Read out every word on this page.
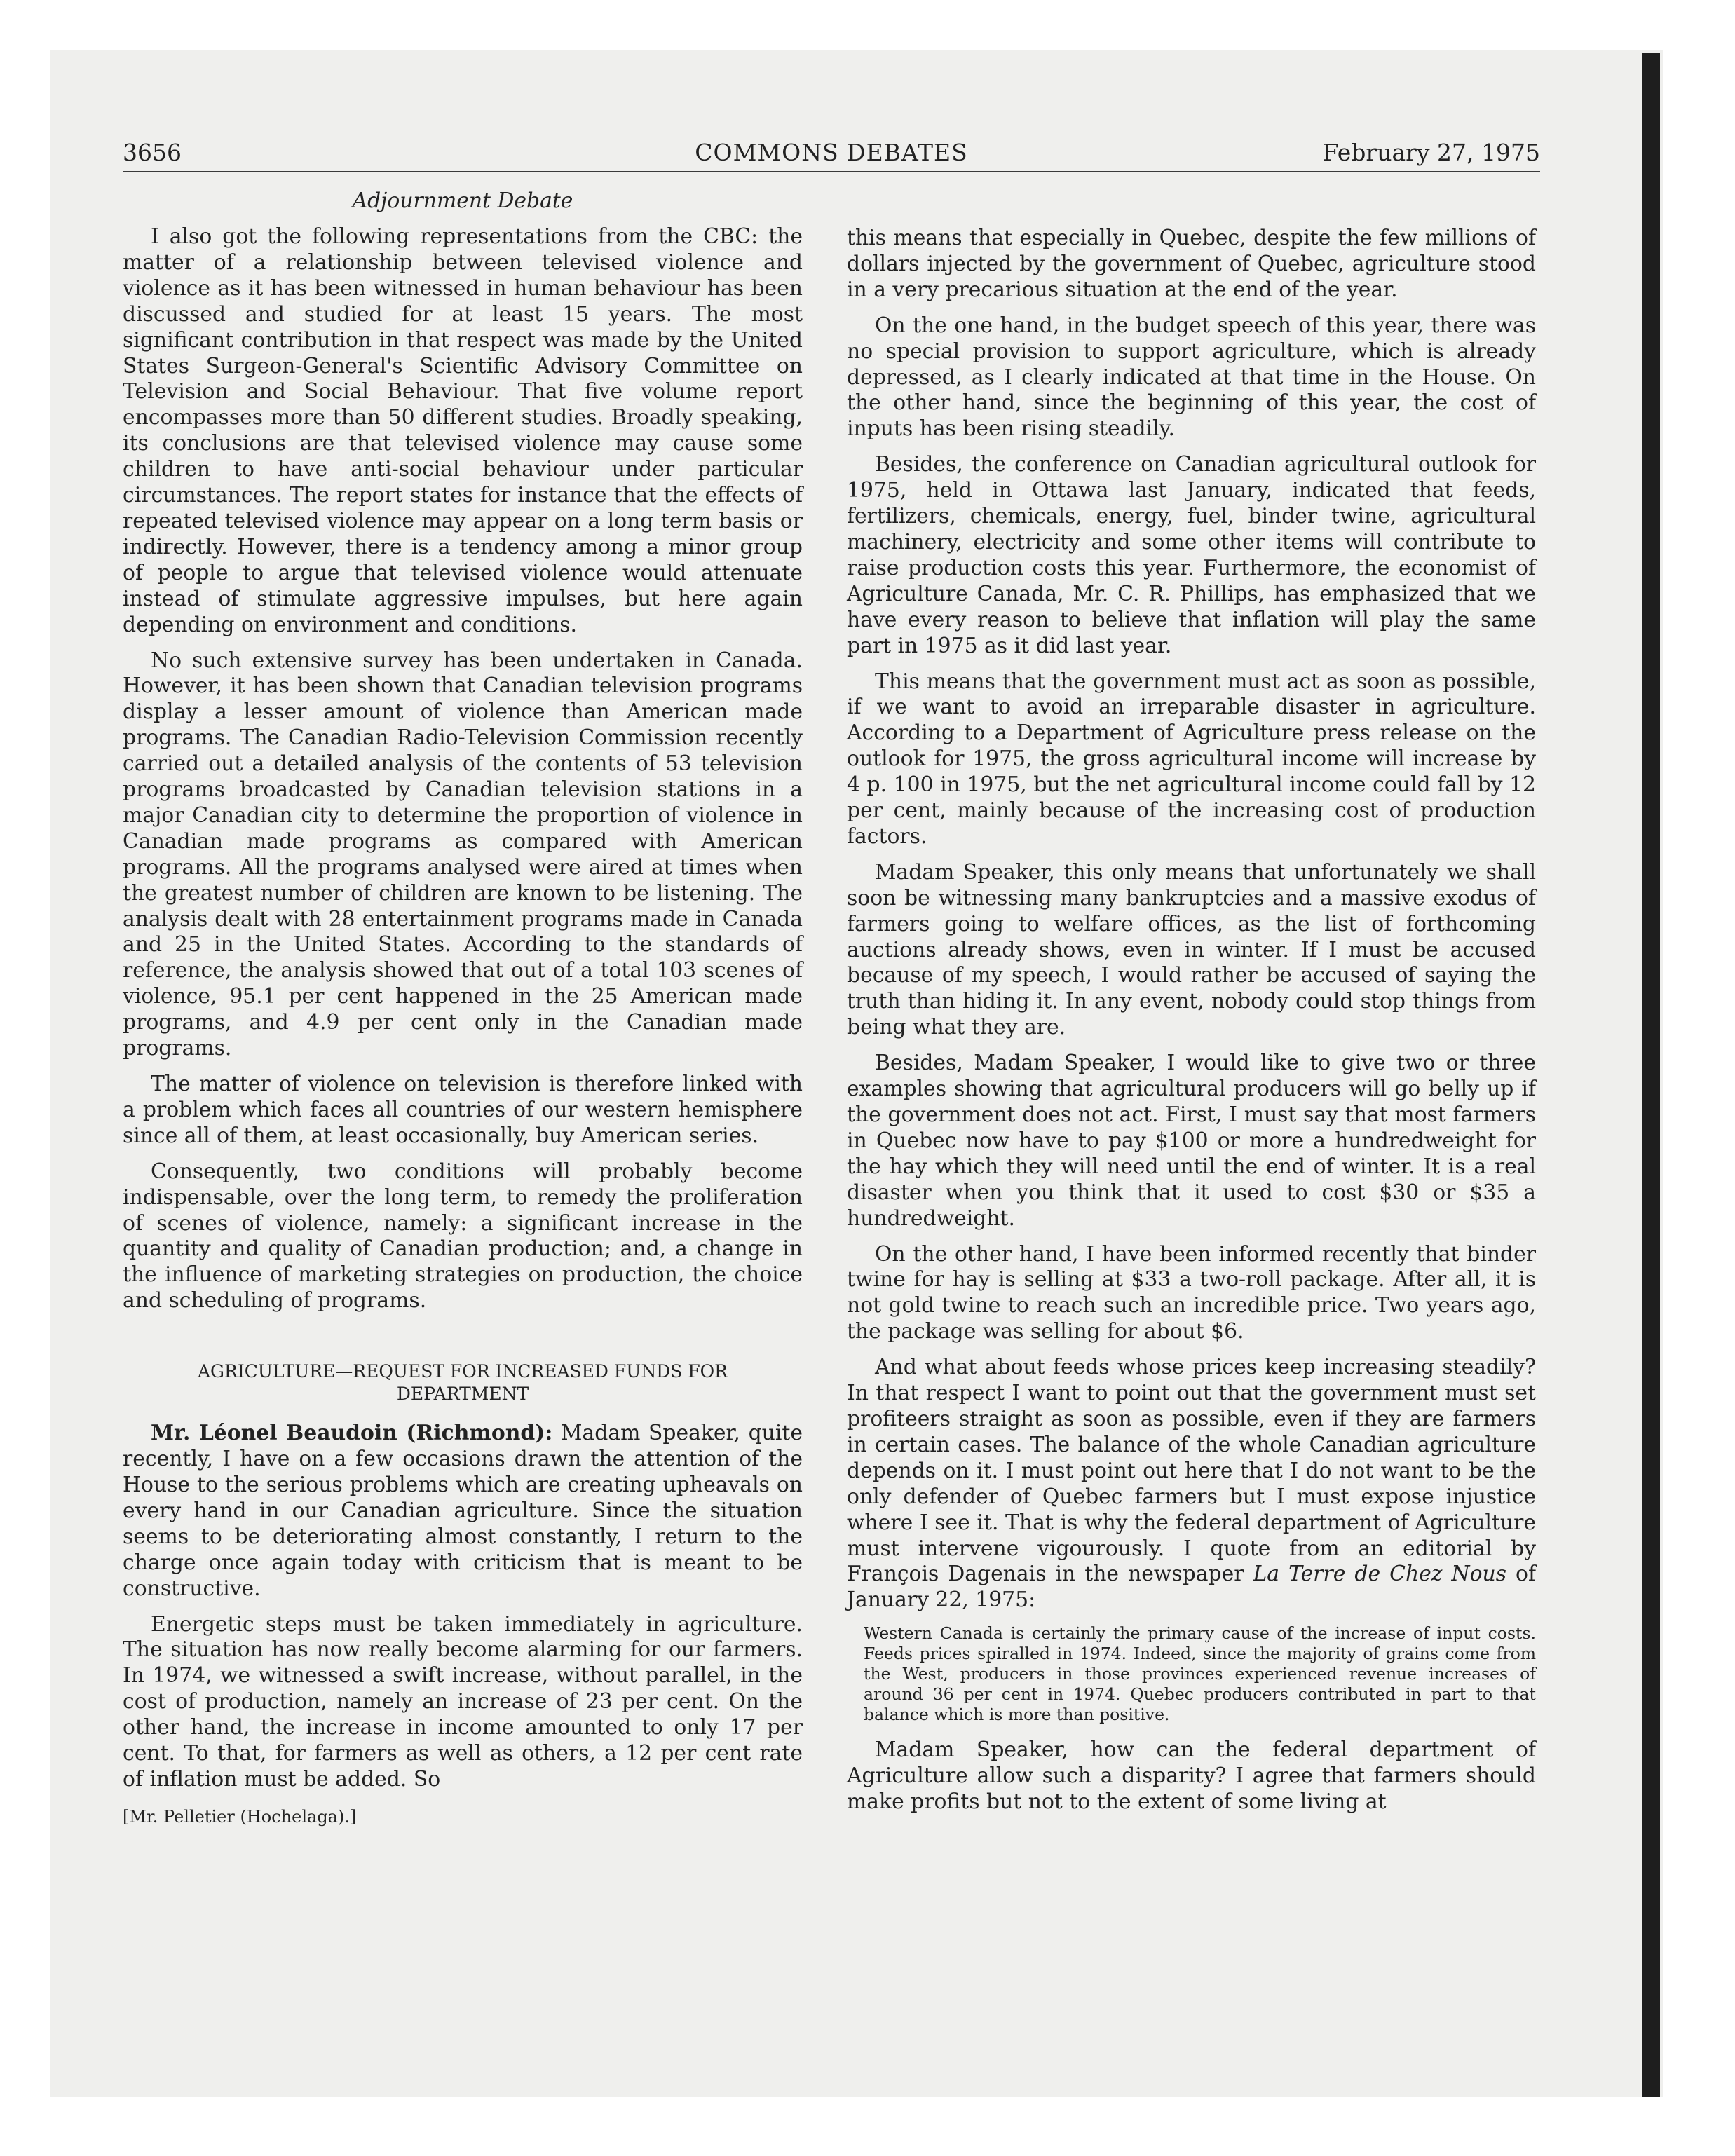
3656	COMMONS DEBATES	February 27, 1975
Adjournment Debate

I also got the following representations from the CBC: the matter of a relationship between televised violence and violence as it has been witnessed in human behaviour has been discussed and studied for at least 15 years. The most significant contribution in that respect was made by the United States Surgeon-General's Scientific Advisory Committee on Television and Social Behaviour. That five volume report encompasses more than 50 different studies. Broadly speaking, its conclusions are that televised violence may cause some children to have anti-social behaviour under particular circumstances. The report states for instance that the effects of repeated televised violence may appear on a long term basis or indirectly. However, there is a tendency among a minor group of people to argue that televised violence would attenuate instead of stimulate aggressive impulses, but here again depending on environment and conditions.

No such extensive survey has been undertaken in Canada. However, it has been shown that Canadian television programs display a lesser amount of violence than American made programs. The Canadian Radio-Television Commission recently carried out a detailed analysis of the contents of 53 television programs broadcasted by Canadian television stations in a major Canadian city to determine the proportion of violence in Canadian made programs as compared with American programs. All the programs analysed were aired at times when the greatest number of children are known to be listening. The analysis dealt with 28 entertainment programs made in Canada and 25 in the United States. According to the standards of reference, the analysis showed that out of a total 103 scenes of violence, 95.1 per cent happened in the 25 American made programs, and 4.9 per cent only in the Canadian made programs.

The matter of violence on television is therefore linked with a problem which faces all countries of our western hemisphere since all of them, at least occasionally, buy American series.

Consequently, two conditions will probably become indispensable, over the long term, to remedy the proliferation of scenes of violence, namely: a significant increase in the quantity and quality of Canadian production; and, a change in the influence of marketing strategies on production, the choice and scheduling of programs.

AGRICULTURE—REQUEST FOR INCREASED FUNDS FOR DEPARTMENT

Mr. Léonel Beaudoin (Richmond): Madam Speaker, quite recently, I have on a few occasions drawn the attention of the House to the serious problems which are creating upheavals on every hand in our Canadian agriculture. Since the situation seems to be deteriorating almost constantly, I return to the charge once again today with criticism that is meant to be constructive.

Energetic steps must be taken immediately in agriculture. The situation has now really become alarming for our farmers. In 1974, we witnessed a swift increase, without parallel, in the cost of production, namely an increase of 23 per cent. On the other hand, the increase in income amounted to only 17 per cent. To that, for farmers as well as others, a 12 per cent rate of inflation must be added. So

[Mr. Pelletier (Hochelaga).]

this means that especially in Quebec, despite the few millions of dollars injected by the government of Quebec, agriculture stood in a very precarious situation at the end of the year.

On the one hand, in the budget speech of this year, there was no special provision to support agriculture, which is already depressed, as I clearly indicated at that time in the House. On the other hand, since the beginning of this year, the cost of inputs has been rising steadily.

Besides, the conference on Canadian agricultural outlook for 1975, held in Ottawa last January, indicated that feeds, fertilizers, chemicals, energy, fuel, binder twine, agricultural machinery, electricity and some other items will contribute to raise production costs this year. Furthermore, the economist of Agriculture Canada, Mr. C. R. Phillips, has emphasized that we have every reason to believe that inflation will play the same part in 1975 as it did last year.

This means that the government must act as soon as possible, if we want to avoid an irreparable disaster in agriculture. According to a Department of Agriculture press release on the outlook for 1975, the gross agricultural income will increase by 4 p. 100 in 1975, but the net agricultural income could fall by 12 per cent, mainly because of the increasing cost of production factors.

Madam Speaker, this only means that unfortunately we shall soon be witnessing many bankruptcies and a massive exodus of farmers going to welfare offices, as the list of forthcoming auctions already shows, even in winter. If I must be accused because of my speech, I would rather be accused of saying the truth than hiding it. In any event, nobody could stop things from being what they are.

Besides, Madam Speaker, I would like to give two or three examples showing that agricultural producers will go belly up if the government does not act. First, I must say that most farmers in Quebec now have to pay $100 or more a hundredweight for the hay which they will need until the end of winter. It is a real disaster when you think that it used to cost $30 or $35 a hundredweight.

On the other hand, I have been informed recently that binder twine for hay is selling at $33 a two-roll package. After all, it is not gold twine to reach such an incredible price. Two years ago, the package was selling for about $6.

And what about feeds whose prices keep increasing steadily? In that respect I want to point out that the government must set profiteers straight as soon as possible, even if they are farmers in certain cases. The balance of the whole Canadian agriculture depends on it. I must point out here that I do not want to be the only defender of Quebec farmers but I must expose injustice where I see it. That is why the federal department of Agriculture must intervene vigourously. I quote from an editorial by François Dagenais in the newspaper La Terre de Chez Nous of January 22, 1975:

Western Canada is certainly the primary cause of the increase of input costs. Feeds prices spiralled in 1974. Indeed, since the majority of grains come from the West, producers in those provinces experienced revenue increases of around 36 per cent in 1974. Quebec producers contributed in part to that balance which is more than positive.

Madam Speaker, how can the federal department of Agriculture allow such a disparity? I agree that farmers should make profits but not to the extent of some living at
